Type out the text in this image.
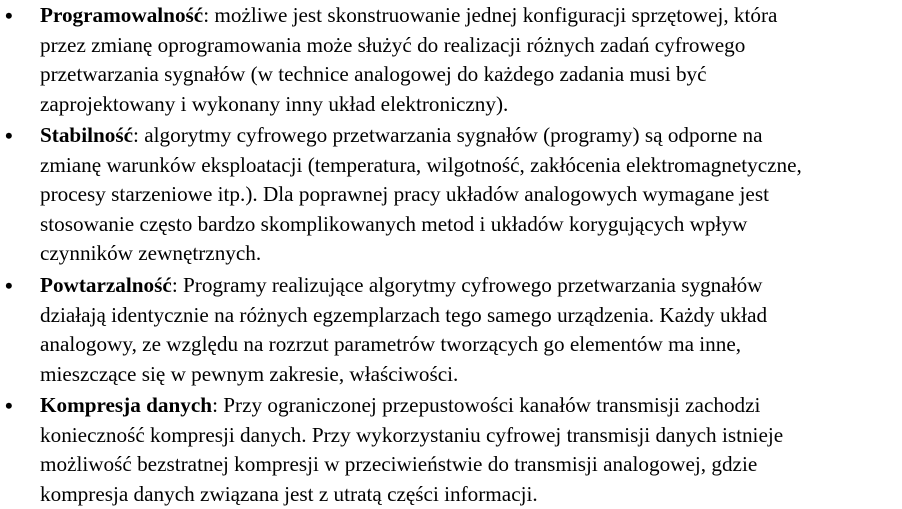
• Programowalność: możliwe jest skonstruowanie jednej konfiguracji sprzętowej, która
przez zmianę oprogramowania może służyć do realizacji różnych zadań cyfrowego
przetwarzania sygnałów (w technice analogowej do każdego zadania musi być
zaprojektowany i wykonany inny układ elektroniczny).
• Stabilność: algorytmy cyfrowego przetwarzania sygnałów (programy) są odporne na
zmianę warunków eksploatacji (temperatura, wilgotność, zakłócenia elektromagnetyczne,
procesy starzeniowe itp.). Dla poprawnej pracy układów analogowych wymagane jest
stosowanie często bardzo skomplikowanych metod i układów korygujących wpływ
czynników zewnętrznych.
• Powtarzalność: Programy realizujące algorytmy cyfrowego przetwarzania sygnałów
działają identycznie na różnych egzemplarzach tego samego urządzenia. Każdy układ
analogowy, ze względu na rozrzut parametrów tworzących go elementów ma inne,
mieszczące się w pewnym zakresie, właściwości.
• Kompresja danych: Przy ograniczonej przepustowości kanałów transmisji zachodzi
konieczność kompresji danych. Przy wykorzystaniu cyfrowej transmisji danych istnieje
możliwość bezstratnej kompresji w przeciwieństwie do transmisji analogowej, gdzie
kompresja danych związana jest z utratą części informacji.
